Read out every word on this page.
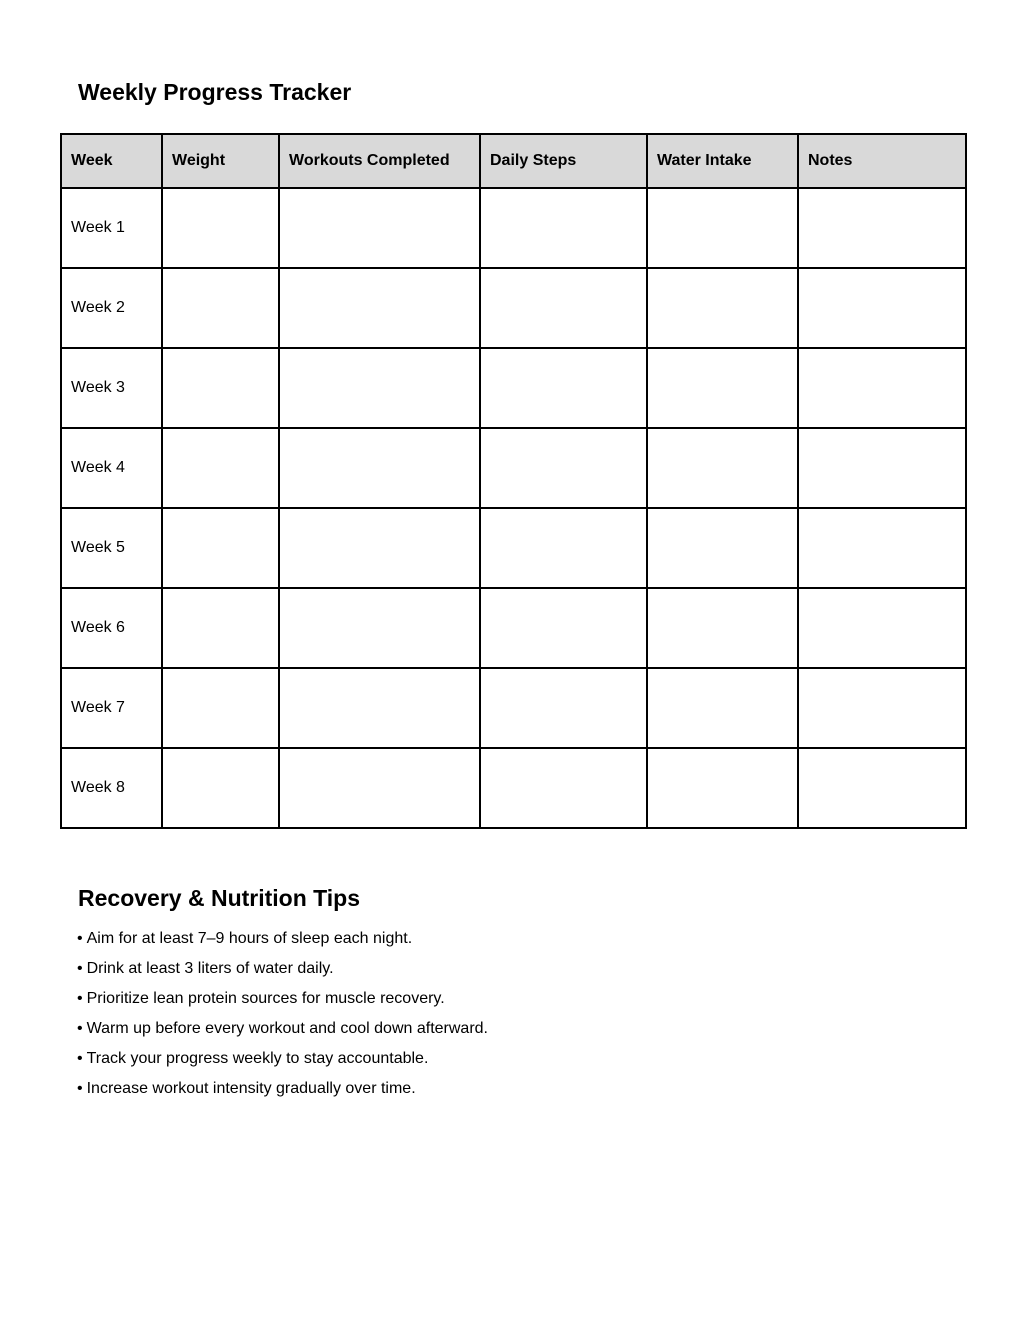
Weekly Progress Tracker
Week	Weight	Workouts Completed	Daily Steps	Water Intake	Notes
Week 1					
Week 2					
Week 3					
Week 4					
Week 5					
Week 6					
Week 7					
Week 8					
Recovery & Nutrition Tips
• Aim for at least 7–9 hours of sleep each night.
• Drink at least 3 liters of water daily.
• Prioritize lean protein sources for muscle recovery.
• Warm up before every workout and cool down afterward.
• Track your progress weekly to stay accountable.
• Increase workout intensity gradually over time.
